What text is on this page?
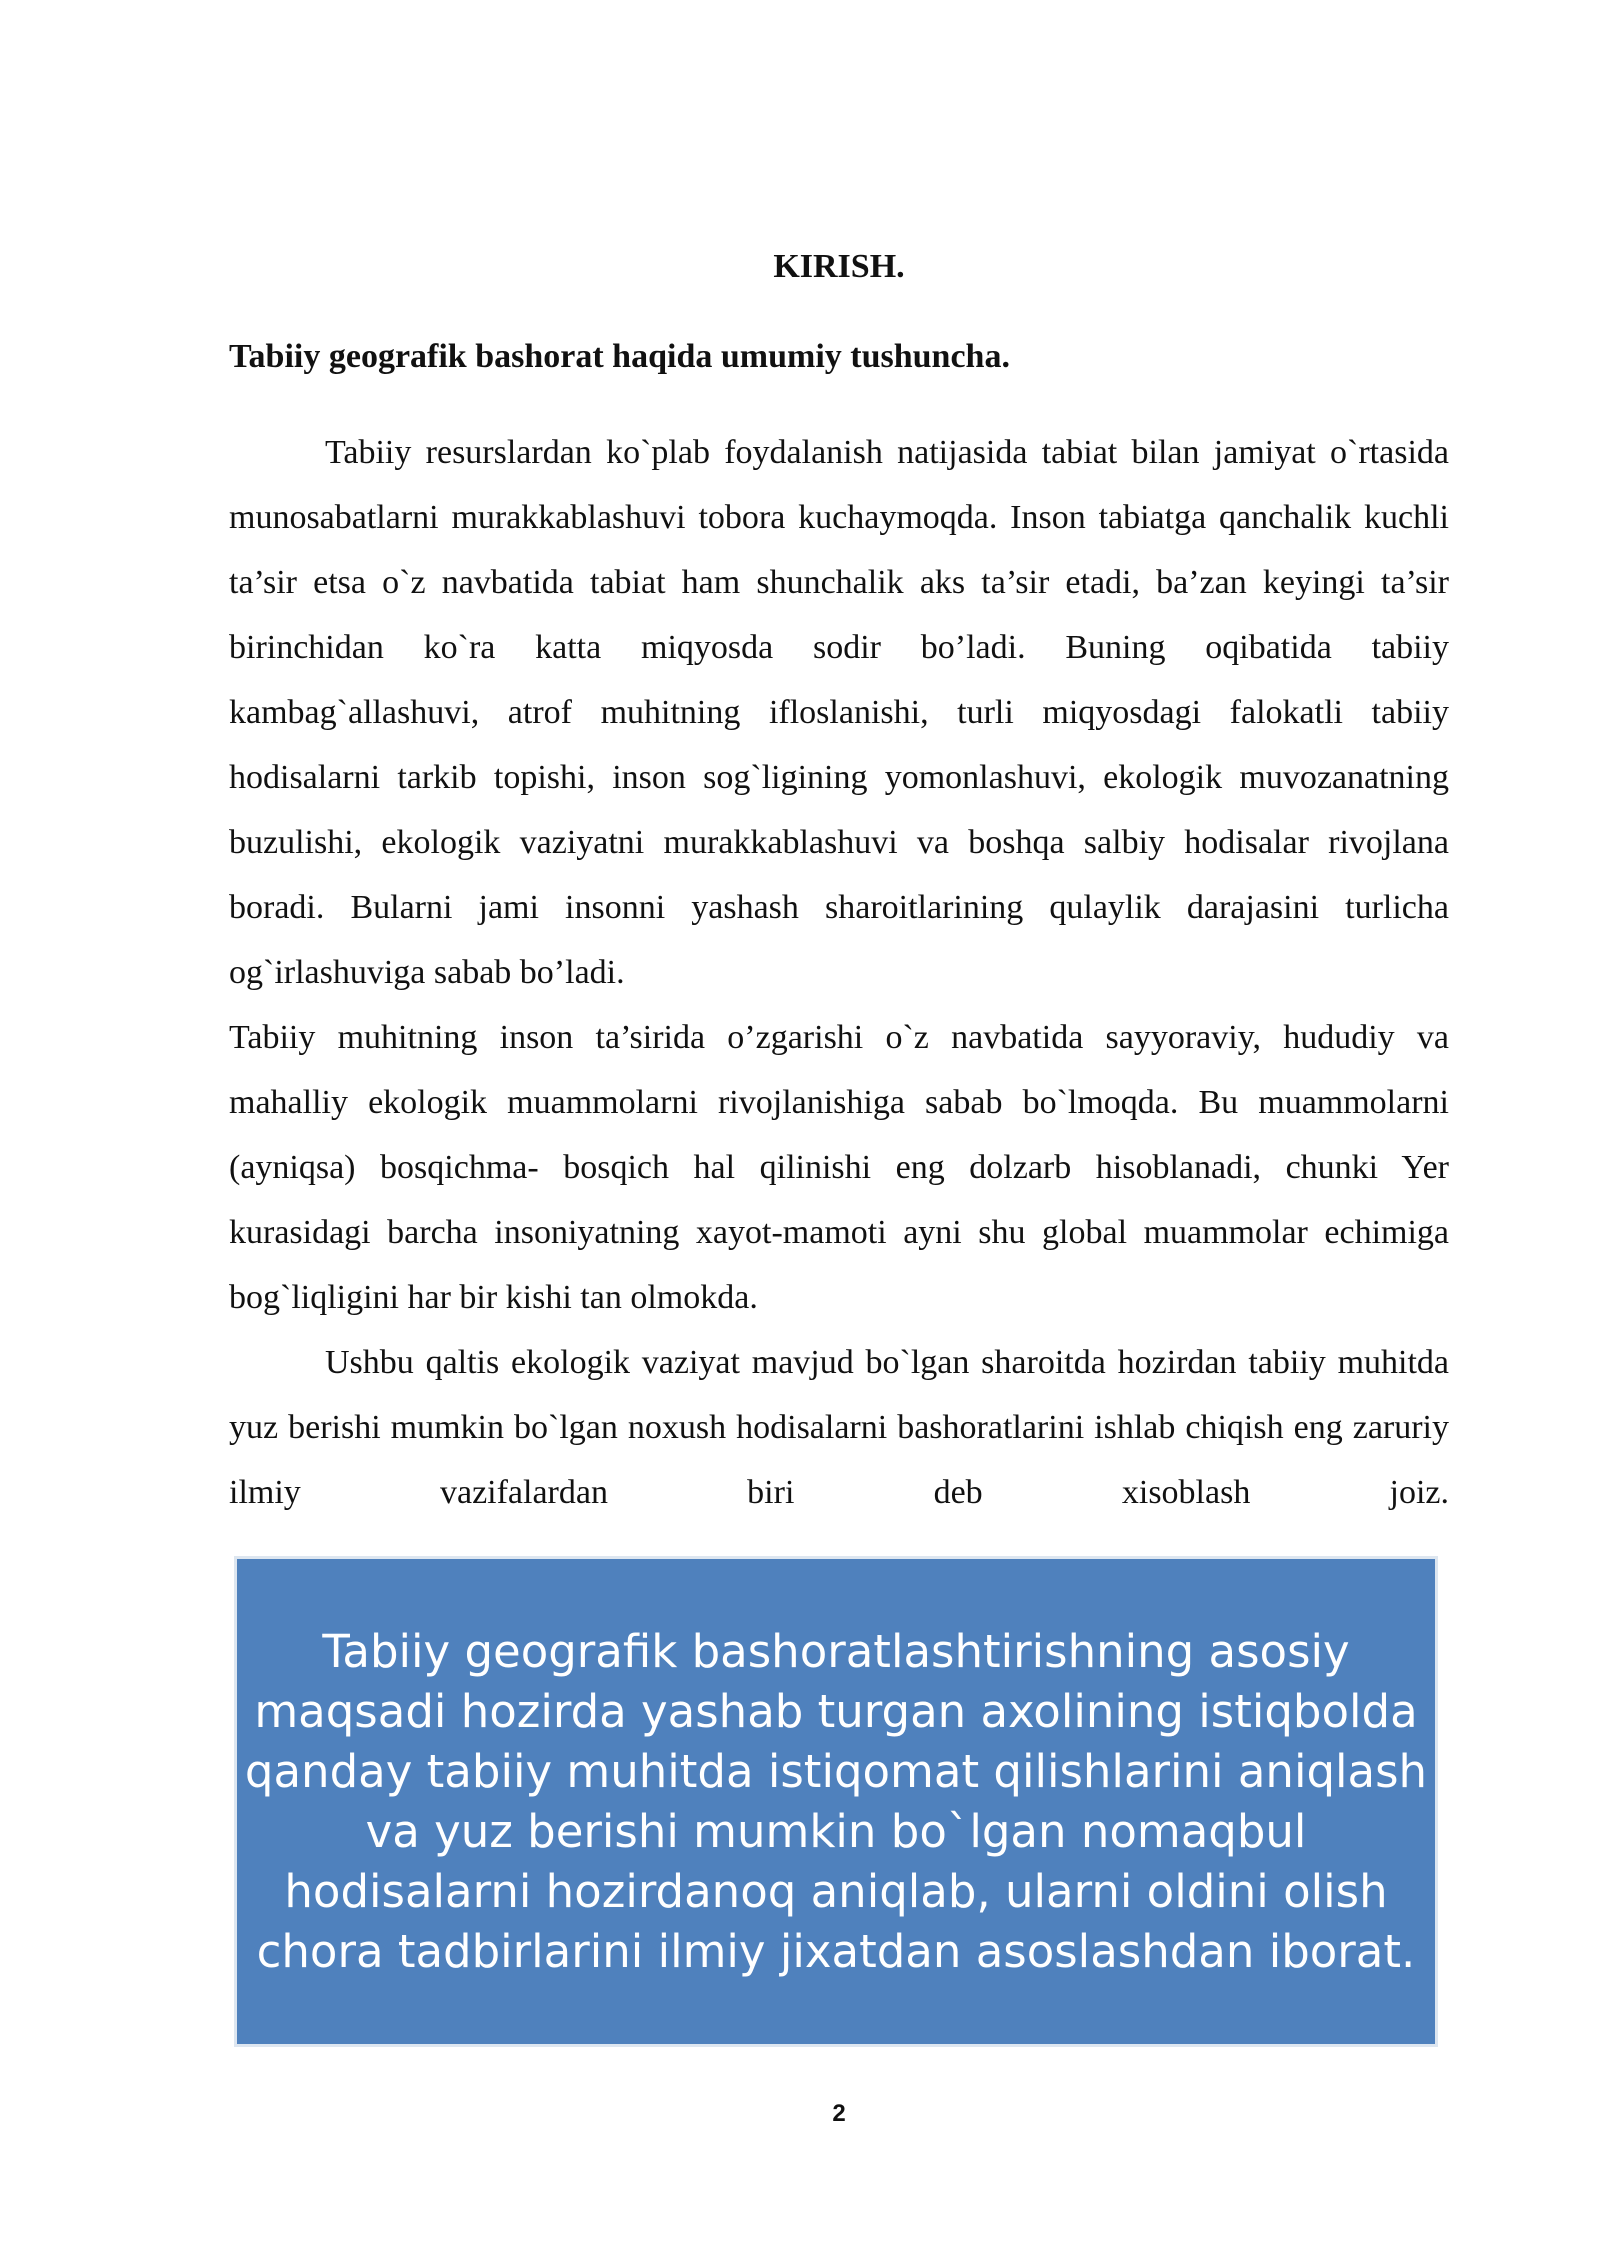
KIRISH.
Tabiiy geografik bashorat haqida umumiy tushuncha.

Tabiiy resurslardan ko`plab foydalanish natijasida tabiat bilan jamiyat o`rtasida munosabatlarni murakkablashuvi tobora kuchaymoqda. Inson tabiatga qanchalik kuchli ta’sir etsa o`z navbatida tabiat ham shunchalik aks ta’sir etadi, ba’zan keyingi ta’sir birinchidan ko`ra katta miqyosda sodir bo’ladi. Buning oqibatida tabiiy kambag`allashuvi, atrof muhitning ifloslanishi, turli miqyosdagi falokatli tabiiy hodisalarni tarkib topishi, inson sog`ligining yomonlashuvi, ekologik muvozanatning buzulishi, ekologik vaziyatni murakkablashuvi va boshqa salbiy hodisalar rivojlana boradi. Bularni jami insonni yashash sharoitlarining qulaylik darajasini turlicha og`irlashuviga sabab bo’ladi.

Tabiiy muhitning inson ta’sirida o’zgarishi o`z navbatida sayyoraviy, hududiy va mahalliy ekologik muammolarni rivojlanishiga sabab bo`lmoqda. Bu muammolarni (ayniqsa) bosqichma- bosqich hal qilinishi eng dolzarb hisoblanadi, chunki Yer kurasidagi barcha insoniyatning xayot-mamoti ayni shu global muammolar echimiga bog`liqligini har bir kishi tan olmokda.

Ushbu qaltis ekologik vaziyat mavjud bo`lgan sharoitda hozirdan tabiiy muhitda yuz berishi mumkin bo`lgan noxush hodisalarni bashoratlarini ishlab chiqish eng zaruriy ilmiy vazifalardan biri deb xisoblash joiz.

Tabiiy geografik bashoratlashtirishning asosiy maqsadi hozirda yashab turgan axolining istiqbolda qanday tabiiy muhitda istiqomat qilishlarini aniqlash va yuz berishi mumkin bo`lgan nomaqbul hodisalarni hozirdanoq aniqlab, ularni oldini olish chora tadbirlarini ilmiy jixatdan asoslashdan iborat.
2
